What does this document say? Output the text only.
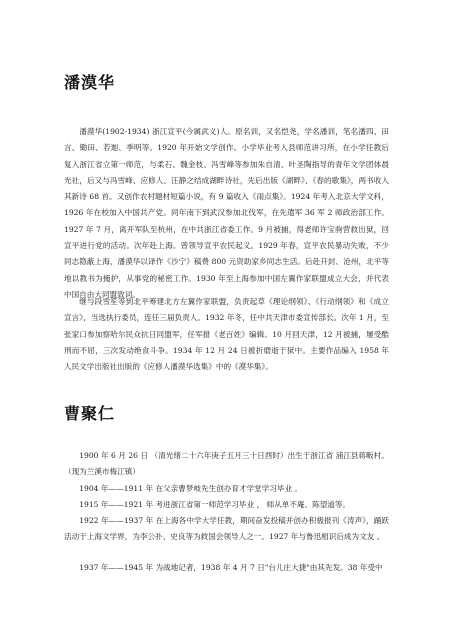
潘漠华

潘漠华(1902-1934) 浙江宣平(今属武义)人。原名训，又名恺尧，学名潘训，笔名潘四、田言、锄田、若迦、季明等。1920 年开始文学创作。小学毕业考入县师范讲习所，在小学任教后复入浙江省立第一师范，与柔石、魏金枝、冯雪峰等参加朱自清、叶圣陶指导的青年文学团体晨光社，后又与冯雪峰、应修人、汪静之结成湖畔诗社，先后出版《湖畔》、《春的歌集》，两书收入其新诗 68 首。又创作农村题材短篇小说，有 9 篇收入《雨点集》。1924 年考入北京大学文科，1926 年在校加入中国共产党。同年南下到武汉参加北伐军，在先遣军 36 军 2 师政治部工作。1927 年 7 月，离开军队至杭州，在中共浙江省委工作。9 月被捕，得老师许宝驹营救出狱，回宣平进行党的活动。次年赴上海。曾领导宣平农民起义。1929 年春，宣平农民暴动失败，不少同志隐蔽上海，潘漠华以译作《沙宁》稿费 800 元资助家乡同志生活。后赴开封、沧州，北平等地以教书为掩护，从事党的秘密工作。1930 年至上海参加中国左翼作家联盟成立大会，并代表中国自由大同盟致词。

继与段雪笙等到北平筹建北方左翼作家联盟，负责起草《理论纲领》、《行动纲领》和《成立宣言》，当选执行委员，连任三届负责人。1932 年冬，任中共天津市委宣传部长。次年 1 月，至张家口参加察哈尔民众抗日同盟军，任军报《老百姓》编辑。10 月回天津，12 月被捕，屡受酷刑而不屈，三次发动绝食斗争。1934 年 12 月 24 日被折磨逝于狱中。主要作品编入 1958 年人民文学出版社出版的《应修人潘漠华选集》中的《漠华集》。

曹聚仁

1900 年 6 月 26 日 （清光绪二十六年庚子五月三十日酉时）出生于浙江省 浦江县蒋畈村。（现为兰溪市梅江镇）

1904 年——1911 年 在父亲曹梦岐先生创办育才学堂学习毕业 。

1915 年——1921 年 考进浙江省第一师范学习毕业 ， 师从单不庵、陈望道等。

1922 年——1937 年 在上海各中学大学任教，期间奋发投稿并创办积极报刊《涛声》，踊跃活动于上海文学界，为李公扑、史良等为救国会领导人之一。1927 年与鲁迅相识后成为文友 。

1937 年——1945 年 为战地记者，1938 年 4 月 7 日"台儿庄大捷"由其先发。38 年受中
